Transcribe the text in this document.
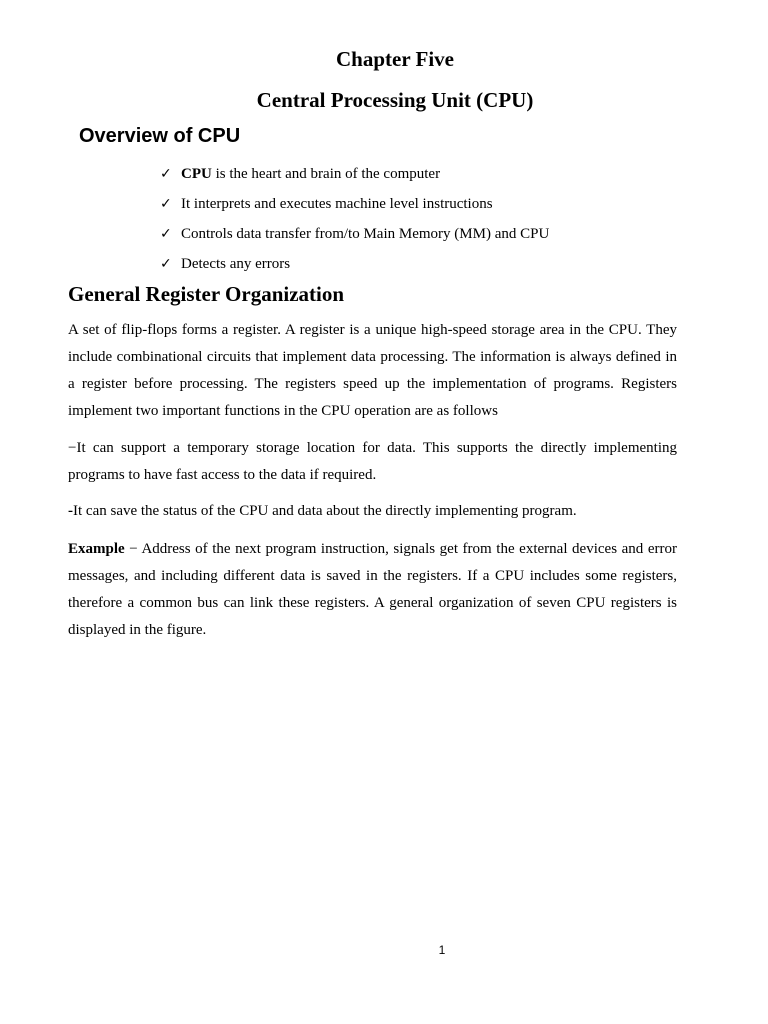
Chapter Five
Central Processing Unit (CPU)
Overview of CPU
✓ CPU is the heart and brain of the computer
✓ It interprets and executes machine level instructions
✓ Controls data transfer from/to Main Memory (MM) and CPU
✓ Detects any errors
General Register Organization

A set of flip-flops forms a register. A register is a unique high-speed storage area in the CPU. They include combinational circuits that implement data processing. The information is always defined in a register before processing. The registers speed up the implementation of programs. Registers implement two important functions in the CPU operation are as follows

−It can support a temporary storage location for data. This supports the directly implementing programs to have fast access to the data if required.

-It can save the status of the CPU and data about the directly implementing program.

Example − Address of the next program instruction, signals get from the external devices and error messages, and including different data is saved in the registers. If a CPU includes some registers, therefore a common bus can link these registers. A general organization of seven CPU registers is displayed in the figure.

1
